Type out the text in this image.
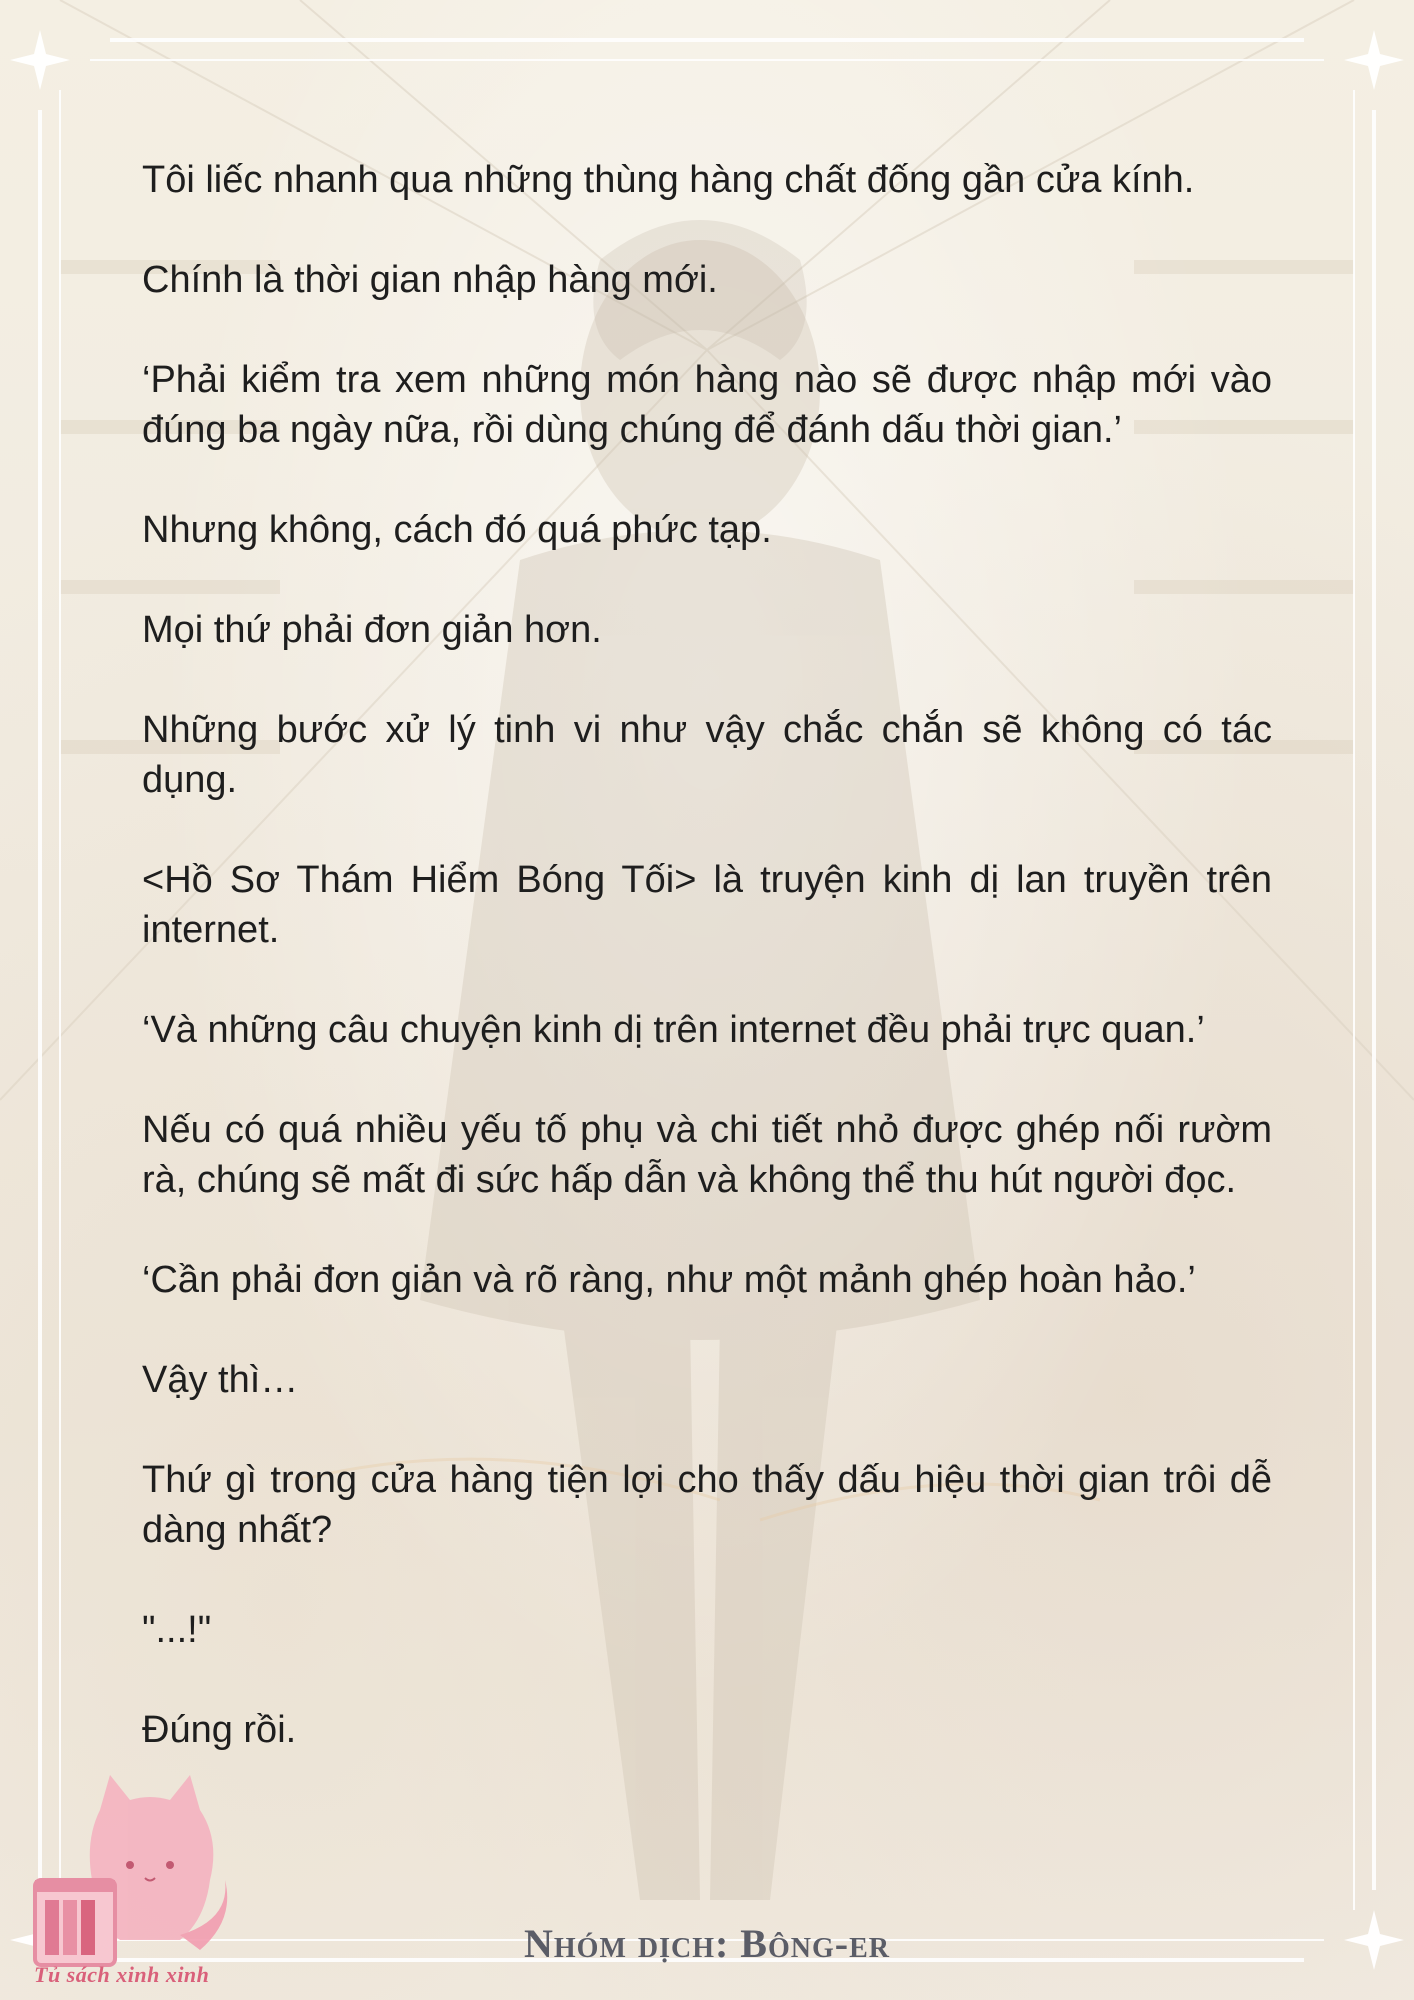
Tôi liếc nhanh qua những thùng hàng chất đống gần cửa kính.

Chính là thời gian nhập hàng mới.

‘Phải kiểm tra xem những món hàng nào sẽ được nhập mới vào đúng ba ngày nữa, rồi dùng chúng để đánh dấu thời gian.’

Nhưng không, cách đó quá phức tạp.

Mọi thứ phải đơn giản hơn.

Những bước xử lý tinh vi như vậy chắc chắn sẽ không có tác dụng.

<Hồ Sơ Thám Hiểm Bóng Tối> là truyện kinh dị lan truyền trên internet.

‘Và những câu chuyện kinh dị trên internet đều phải trực quan.’

Nếu có quá nhiều yếu tố phụ và chi tiết nhỏ được ghép nối rườm rà, chúng sẽ mất đi sức hấp dẫn và không thể thu hút người đọc.

‘Cần phải đơn giản và rõ ràng, như một mảnh ghép hoàn hảo.’

Vậy thì…

Thứ gì trong cửa hàng tiện lợi cho thấy dấu hiệu thời gian trôi dễ dàng nhất?

"...!"

Đúng rồi.

Tủ sách xinh xinh
Nhóm dịch: Bông-er
